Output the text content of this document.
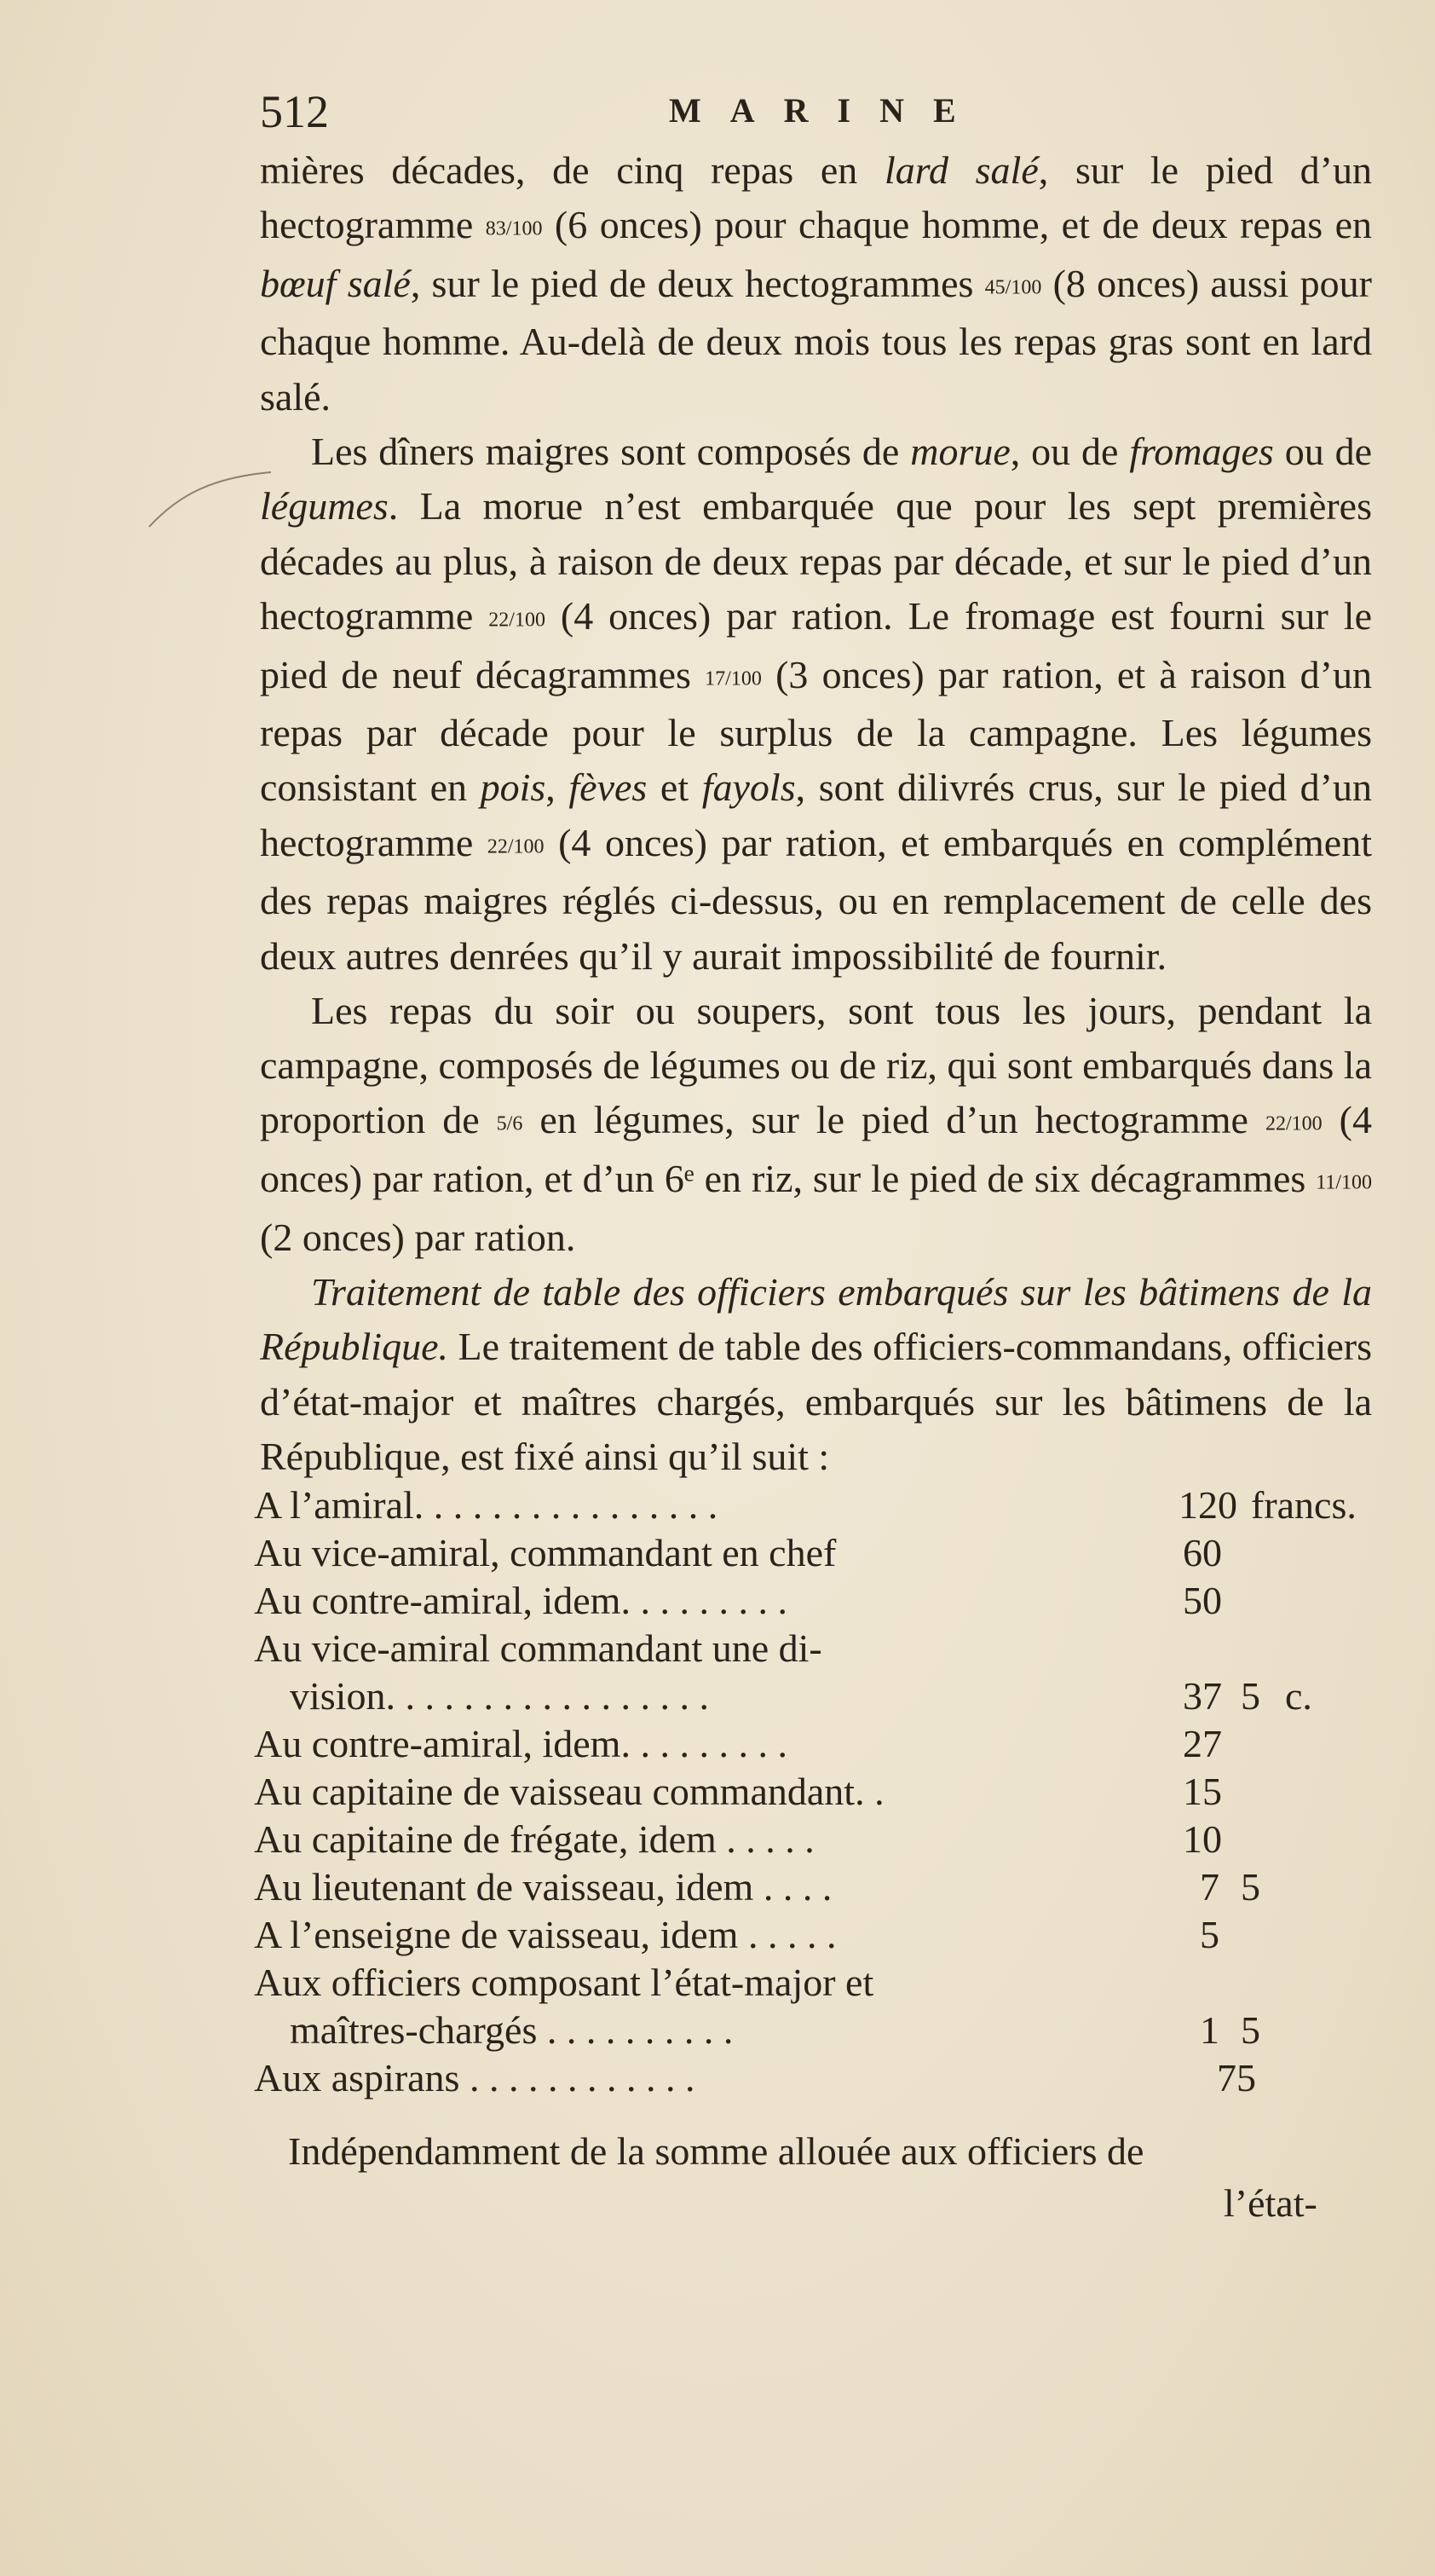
512	MARINE

mières décades, de cinq repas en lard salé, sur le pied d’un hectogramme 83/100 (6 onces) pour chaque homme, et de deux repas en bœuf salé, sur le pied de deux hectogrammes 45/100 (8 onces) aussi pour chaque homme. Au-delà de deux mois tous les repas gras sont en lard salé.

Les dîners maigres sont composés de morue, ou de fromages ou de légumes. La morue n’est embarquée que pour les sept premières décades au plus, à raison de deux repas par décade, et sur le pied d’un hectogramme 22/100 (4 onces) par ration. Le fromage est fourni sur le pied de neuf décagrammes 17/100 (3 onces) par ration, et à raison d’un repas par décade pour le surplus de la campagne. Les légumes consistant en pois, fèves et fayols, sont dilivrés crus, sur le pied d’un hectogramme 22/100 (4 onces) par ration, et embarqués en complément des repas maigres réglés ci-dessus, ou en remplacement de celle des deux autres denrées qu’il y aurait impossibilité de fournir.

Les repas du soir ou soupers, sont tous les jours, pendant la campagne, composés de légumes ou de riz, qui sont embarqués dans la proportion de 5/6 en légumes, sur le pied d’un hectogramme 22/100 (4 onces) par ration, et d’un 6ᵉ en riz, sur le pied de six décagrammes 11/100 (2 onces) par ration.

Traitement de table des officiers embarqués sur les bâtimens de la République. Le traitement de table des officiers-commandans, officiers d’état-major et maîtres chargés, embarqués sur les bâtimens de la République, est fixé ainsi qu’il suit :

A l’amiral. . . . . . . . . . . . . . . .	120 francs.
Au vice-amiral, commandant en chef	60
Au contre-amiral, idem. . . . . . . . .	50
Au vice-amiral commandant une di-
vision. . . . . . . . . . . . . . . . .	37 5 c.
Au contre-amiral, idem. . . . . . . . .	27
Au capitaine de vaisseau commandant. .	15
Au capitaine de frégate, idem . . . . .	10
Au lieutenant de vaisseau, idem . . . .	7 5
A l’enseigne de vaisseau, idem . . . . .	5
Aux officiers composant l’état-major et
maîtres-chargés . . . . . . . . . .	1 5
Aux aspirans . . . . . . . . . . . .	75
Indépendamment de la somme allouée aux officiers de
l’état-
